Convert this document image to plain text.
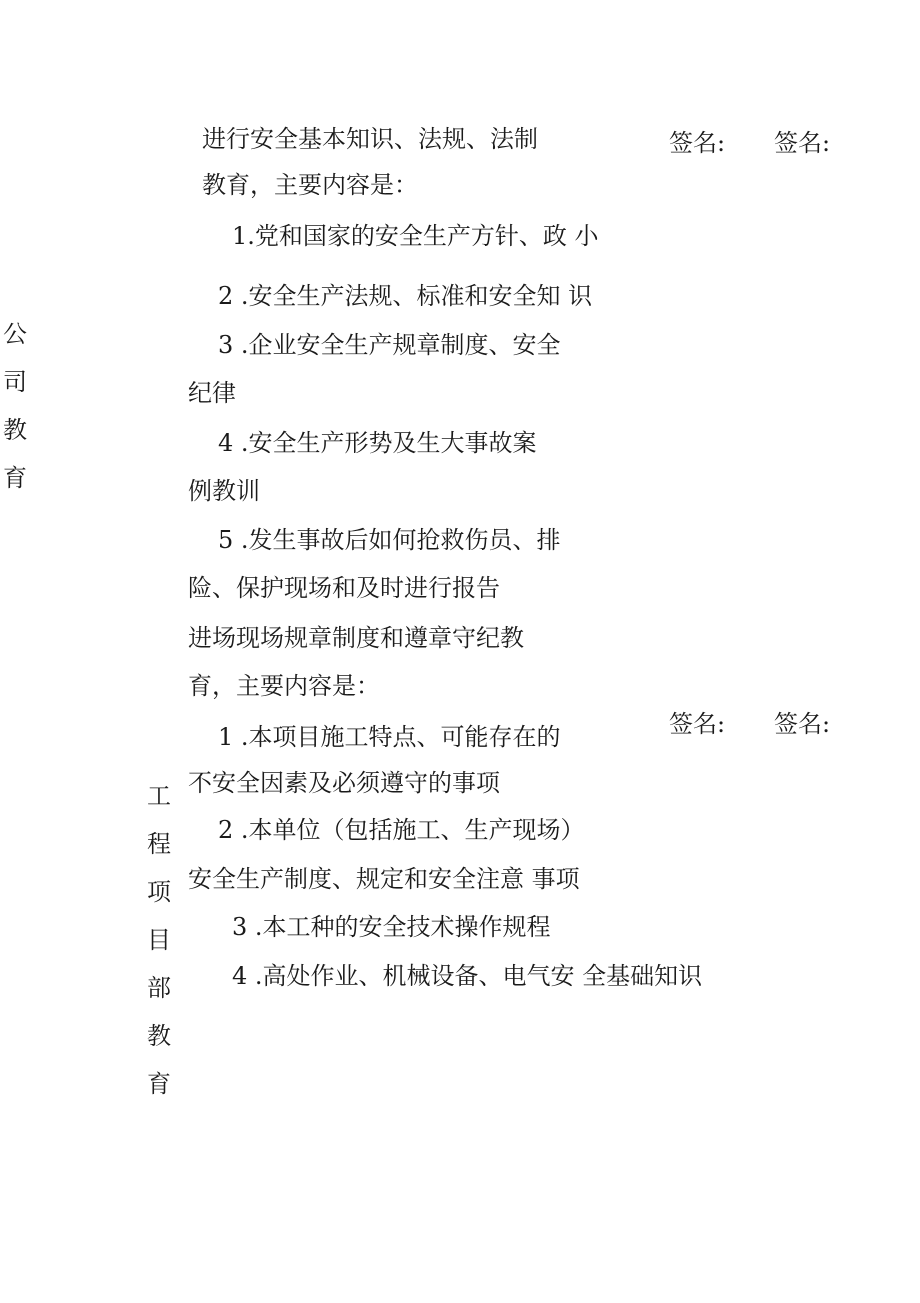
公
司
教
育
进行安全基本知识、法规、法制
教育，主要内容是：
1.党和国家的安全生产方针、政 小
2 .安全生产法规、标准和安全知 识
3 .企业安全生产规章制度、安全
纪律
4 .安全生产形势及生大事故案
例教训
5 .发生事故后如何抢救伤员、排
险、保护现场和及时进行报告
签名: 签名:
工
程
项
目
部
教
育
进场现场规章制度和遵章守纪教
育，主要内容是：
1 .本项目施工特点、可能存在的
不安全因素及必须遵守的事项
2 .本单位（包括施工、生产现场）
安全生产制度、规定和安全注意 事项
3 .本工种的安全技术操作规程
4 .高处作业、机械设备、电气安 全基础知识
签名: 签名:
